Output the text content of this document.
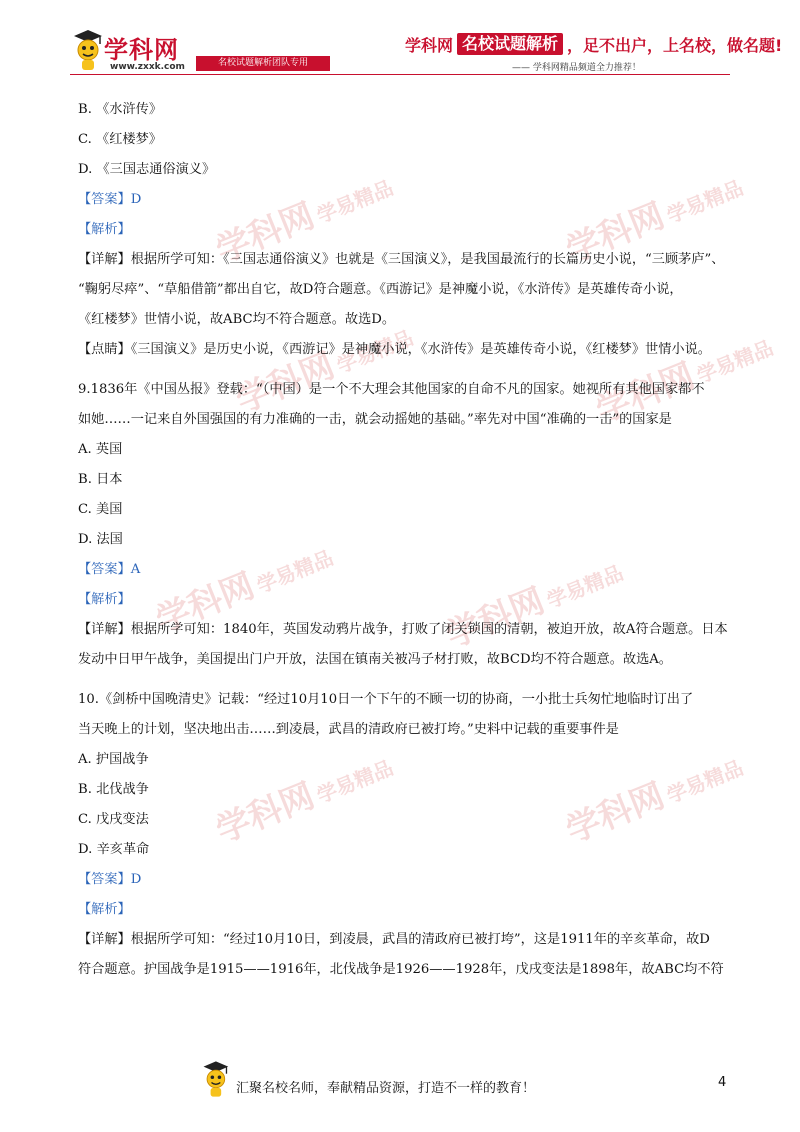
学科网
www.zxxk.com	名校试题解析团队专用
学科网 名校试题解析 ，足不出户，上名校，做名题!
—— 学科网精品频道全力推荐！
学科网学易精品	学科网学易精品
学科网学易精品
学科网学易精品
学科网学易精品
学科网学易精品
学科网学易精品	学科网学易精品
B. 《水浒传》
C. 《红楼梦》
D. 《三国志通俗演义》
【答案】D
【解析】
【详解】根据所学可知：《三国志通俗演义》也就是《三国演义》，是我国最流行的长篇历史小说，“三顾茅庐”、
“鞠躬尽瘁”、“草船借箭”都出自它，故D符合题意。《西游记》是神魔小说，《水浒传》是英雄传奇小说，
《红楼梦》世情小说，故ABC均不符合题意。故选D。
【点睛】《三国演义》是历史小说，《西游记》是神魔小说，《水浒传》是英雄传奇小说，《红楼梦》世情小说。
9.1836年《中国丛报》登载：“（中国）是一个不大理会其他国家的自命不凡的国家。她视所有其他国家都不
如她……一记来自外国强国的有力准确的一击，就会动摇她的基础。”率先对中国“准确的一击”的国家是
A. 英国
B. 日本
C. 美国
D. 法国
【答案】A
【解析】
【详解】根据所学可知：1840年，英国发动鸦片战争，打败了闭关锁国的清朝，被迫开放，故A符合题意。日本
发动中日甲午战争，美国提出门户开放，法国在镇南关被冯子材打败，故BCD均不符合题意。故选A。
10.《剑桥中国晚清史》记载：“经过10月10日一个下午的不顾一切的协商，一小批士兵匆忙地临时订出了
当天晚上的计划，坚决地出击……到凌晨，武昌的清政府已被打垮。”史料中记载的重要事件是
A. 护国战争
B. 北伐战争
C. 戊戌变法
D. 辛亥革命
【答案】D
【解析】
【详解】根据所学可知：“经过10月10日，到凌晨，武昌的清政府已被打垮”，这是1911年的辛亥革命，故D
符合题意。护国战争是1915——1916年，北伐战争是1926——1928年，戊戌变法是1898年，故ABC均不符
汇聚名校名师，奉献精品资源，打造不一样的教育！	4
